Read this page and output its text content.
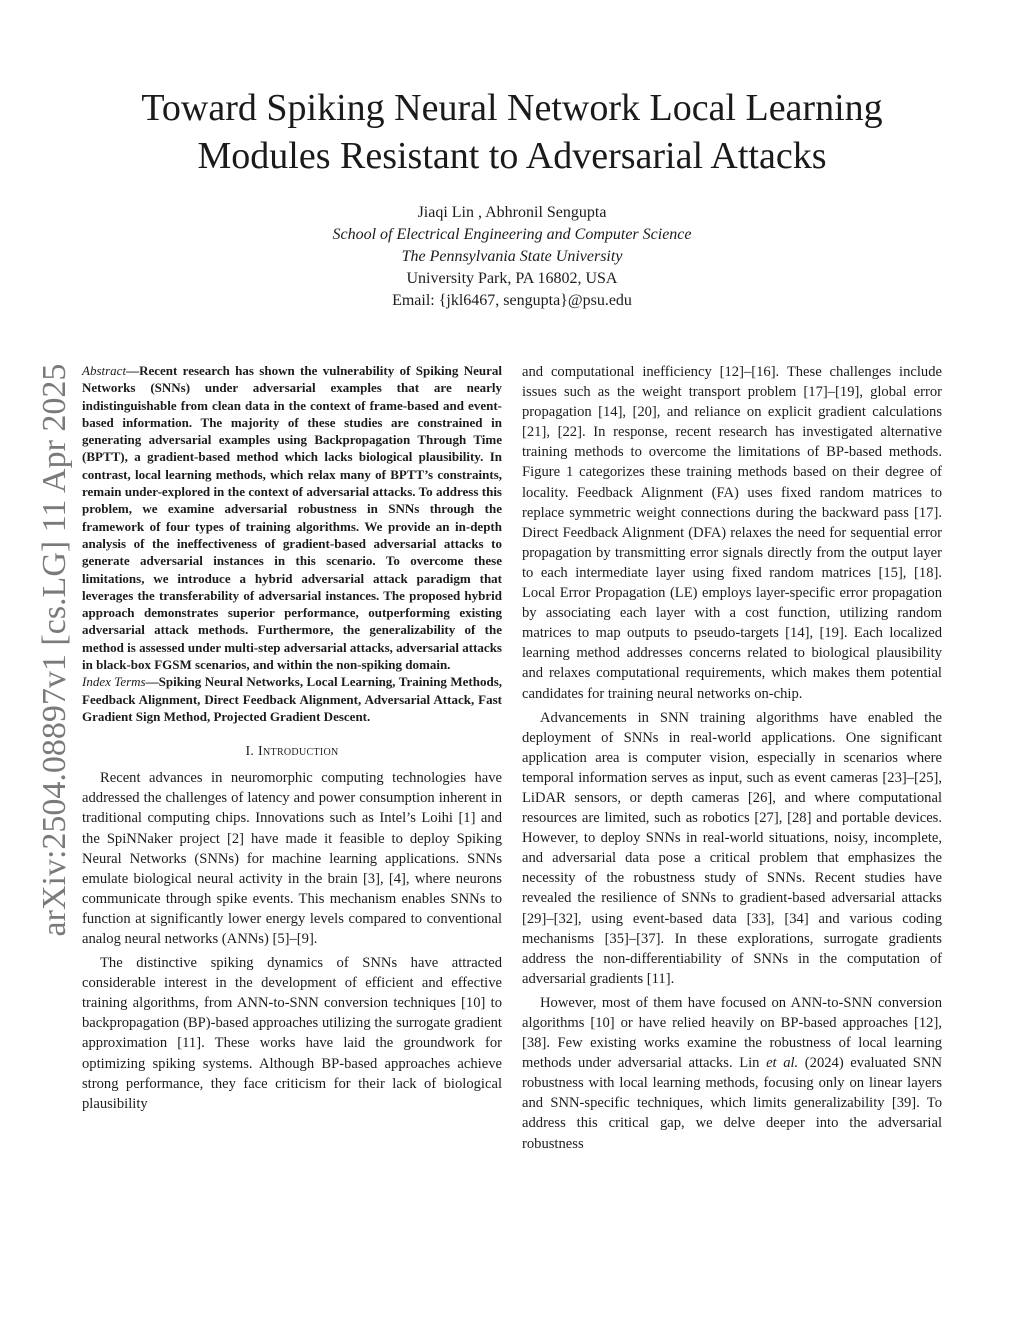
arXiv:2504.08897v1 [cs.LG] 11 Apr 2025
Toward Spiking Neural Network Local Learning Modules Resistant to Adversarial Attacks
Jiaqi Lin , Abhronil Sengupta
School of Electrical Engineering and Computer Science
The Pennsylvania State University
University Park, PA 16802, USA
Email: {jkl6467, sengupta}@psu.edu

Abstract—Recent research has shown the vulnerability of Spiking Neural Networks (SNNs) under adversarial examples that are nearly indistinguishable from clean data in the context of frame-based and event-based information. The majority of these studies are constrained in generating adversarial examples using Backpropagation Through Time (BPTT), a gradient-based method which lacks biological plausibility. In contrast, local learning methods, which relax many of BPTT’s constraints, remain under-explored in the context of adversarial attacks. To address this problem, we examine adversarial robustness in SNNs through the framework of four types of training algorithms. We provide an in-depth analysis of the ineffectiveness of gradient-based adversarial attacks to generate adversarial instances in this scenario. To overcome these limitations, we introduce a hybrid adversarial attack paradigm that leverages the transferability of adversarial instances. The proposed hybrid approach demonstrates superior performance, outperforming existing adversarial attack methods. Furthermore, the generalizability of the method is assessed under multi-step adversarial attacks, adversarial attacks in black-box FGSM scenarios, and within the non-spiking domain.

Index Terms—Spiking Neural Networks, Local Learning, Training Methods, Feedback Alignment, Direct Feedback Alignment, Adversarial Attack, Fast Gradient Sign Method, Projected Gradient Descent.

I. Introduction

Recent advances in neuromorphic computing technologies have addressed the challenges of latency and power consumption inherent in traditional computing chips. Innovations such as Intel’s Loihi [1] and the SpiNNaker project [2] have made it feasible to deploy Spiking Neural Networks (SNNs) for machine learning applications. SNNs emulate biological neural activity in the brain [3], [4], where neurons communicate through spike events. This mechanism enables SNNs to function at significantly lower energy levels compared to conventional analog neural networks (ANNs) [5]–[9].

The distinctive spiking dynamics of SNNs have attracted considerable interest in the development of efficient and effective training algorithms, from ANN-to-SNN conversion techniques [10] to backpropagation (BP)-based approaches utilizing the surrogate gradient approximation [11]. These works have laid the groundwork for optimizing spiking systems. Although BP-based approaches achieve strong performance, they face criticism for their lack of biological plausibility

and computational inefficiency [12]–[16]. These challenges include issues such as the weight transport problem [17]–[19], global error propagation [14], [20], and reliance on explicit gradient calculations [21], [22]. In response, recent research has investigated alternative training methods to overcome the limitations of BP-based methods. Figure 1 categorizes these training methods based on their degree of locality. Feedback Alignment (FA) uses fixed random matrices to replace symmetric weight connections during the backward pass [17]. Direct Feedback Alignment (DFA) relaxes the need for sequential error propagation by transmitting error signals directly from the output layer to each intermediate layer using fixed random matrices [15], [18]. Local Error Propagation (LE) employs layer-specific error propagation by associating each layer with a cost function, utilizing random matrices to map outputs to pseudo-targets [14], [19]. Each localized learning method addresses concerns related to biological plausibility and relaxes computational requirements, which makes them potential candidates for training neural networks on-chip.

Advancements in SNN training algorithms have enabled the deployment of SNNs in real-world applications. One significant application area is computer vision, especially in scenarios where temporal information serves as input, such as event cameras [23]–[25], LiDAR sensors, or depth cameras [26], and where computational resources are limited, such as robotics [27], [28] and portable devices. However, to deploy SNNs in real-world situations, noisy, incomplete, and adversarial data pose a critical problem that emphasizes the necessity of the robustness study of SNNs. Recent studies have revealed the resilience of SNNs to gradient-based adversarial attacks [29]–[32], using event-based data [33], [34] and various coding mechanisms [35]–[37]. In these explorations, surrogate gradients address the non-differentiability of SNNs in the computation of adversarial gradients [11].

However, most of them have focused on ANN-to-SNN conversion algorithms [10] or have relied heavily on BP-based approaches [12], [38]. Few existing works examine the robustness of local learning methods under adversarial attacks. Lin et al. (2024) evaluated SNN robustness with local learning methods, focusing only on linear layers and SNN-specific techniques, which limits generalizability [39]. To address this critical gap, we delve deeper into the adversarial robustness
